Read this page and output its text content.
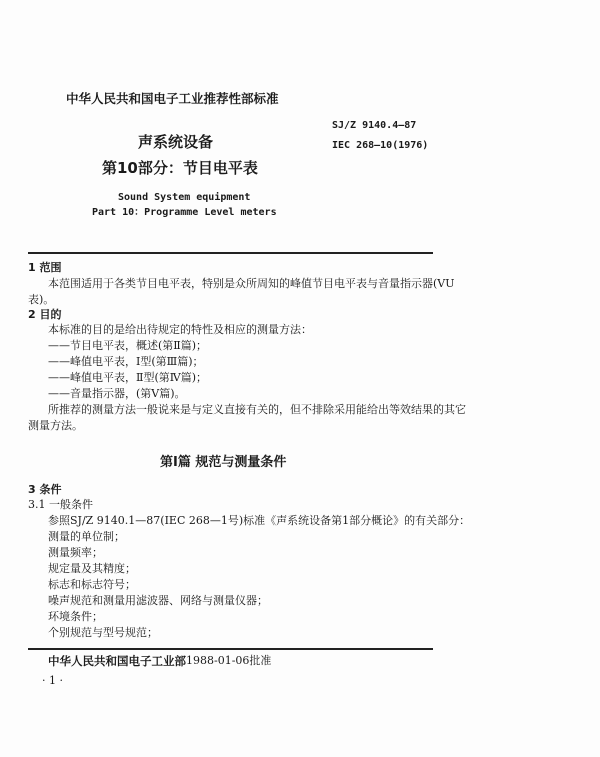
中华人民共和国电子工业推荐性部标准
声系统设备
第10部分：节目电平表
SJ/Z 9140.4—87
IEC 268—10(1976)
Sound System equipment
Part 10：Programme Level meters
1 范围
本范围适用于各类节目电平表，特别是众所周知的峰值节目电平表与音量指示器(VU
表)。
2 目的
本标准的目的是给出待规定的特性及相应的测量方法：
——节目电平表，概述(第Ⅱ篇)；
——峰值电平表，Ⅰ型(第Ⅲ篇)；
——峰值电平表，Ⅱ型(第Ⅳ篇)；
——音量指示器，(第Ⅴ篇)。
所推荐的测量方法一般说来是与定义直接有关的，但不排除采用能给出等效结果的其它
测量方法。
第Ⅰ篇 规范与测量条件
3 条件
3.1 一般条件
参照SJ/Z 9140.1—87(IEC 268—1号)标准《声系统设备第1部分概论》的有关部分：
测量的单位制；
测量频率；
规定量及其精度；
标志和标志符号；
噪声规范和测量用滤波器、网络与测量仪器；
环境条件；
个别规范与型号规范；
中华人民共和国电子工业部 1988-01-06批准
· 1 ·
